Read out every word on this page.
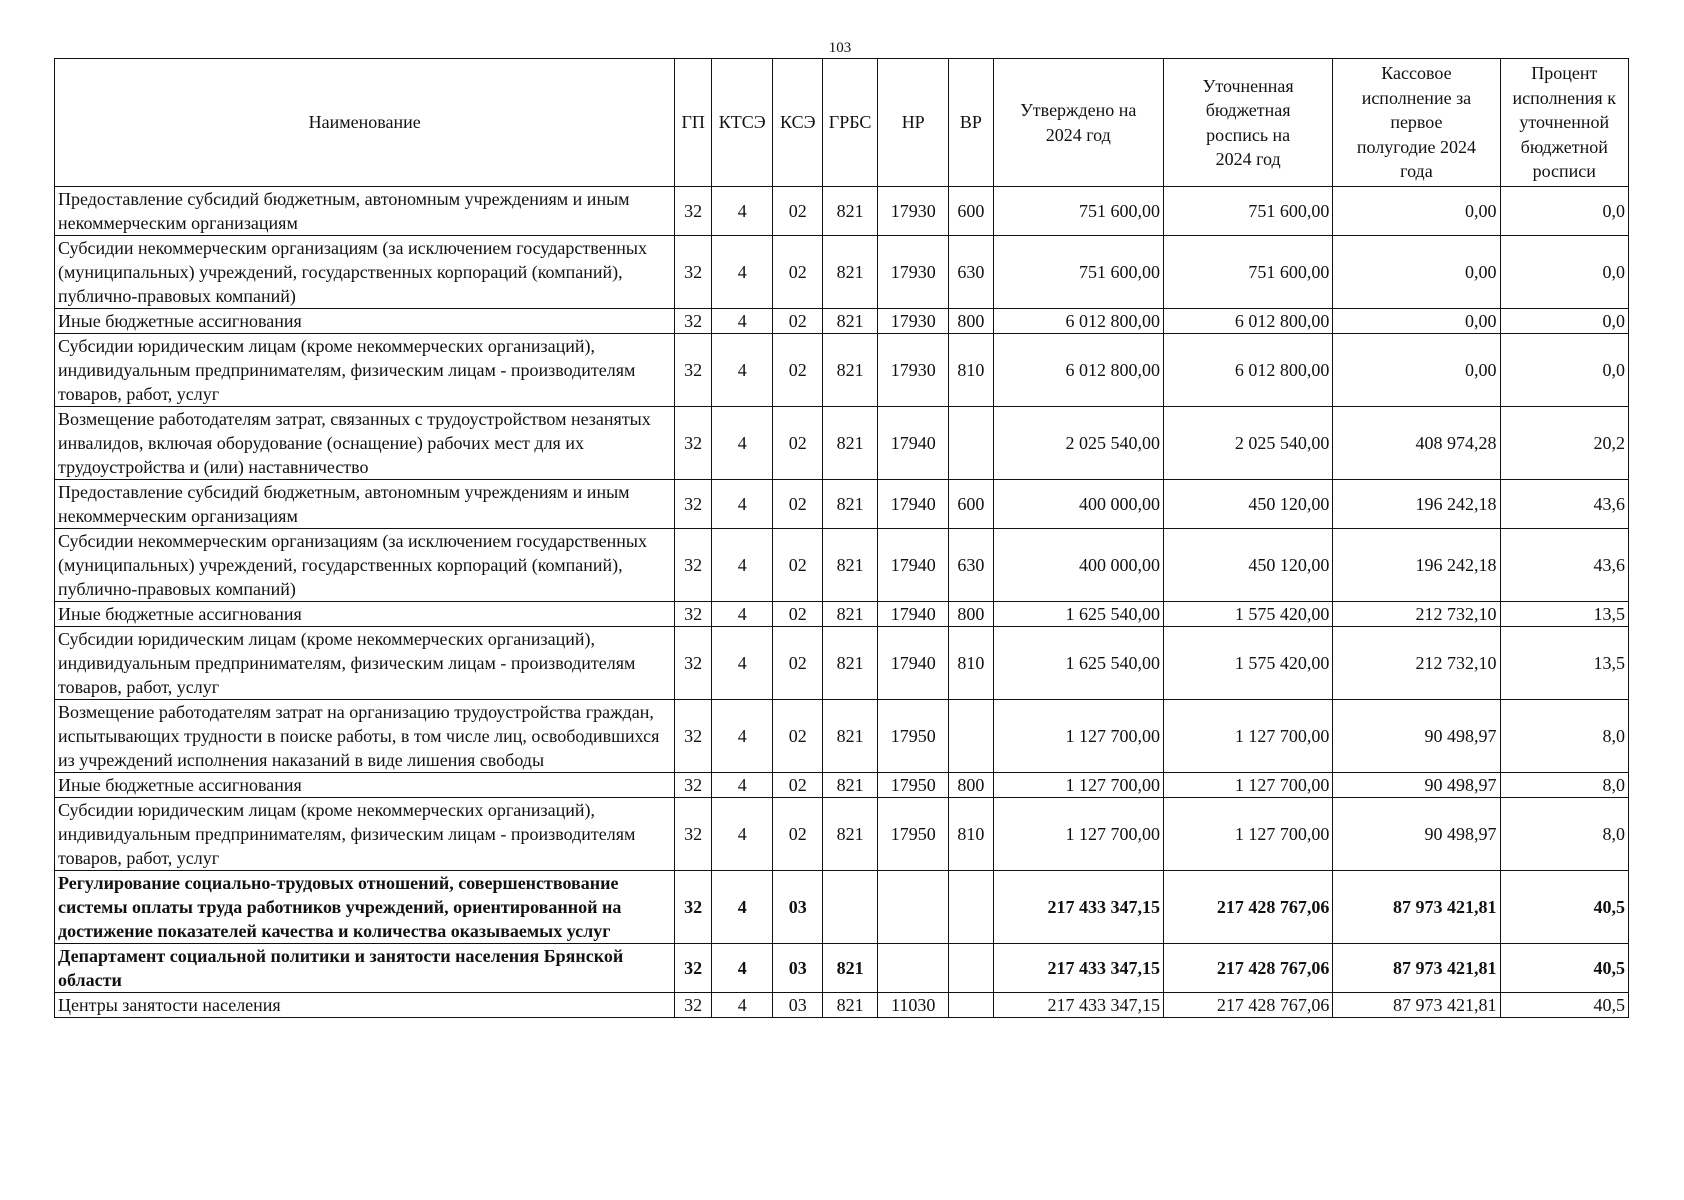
103
Наименование	ГП	КТСЭ	КСЭ	ГРБС	НР	ВР	Утверждено на 2024 год	Уточненная бюджетная роспись на 2024 год	Кассовое исполнение за первое полугодие 2024 года	Процент исполнения к уточненной бюджетной росписи
Предоставление субсидий бюджетным, автономным учреждениям и иным некоммерческим организациям	32	4	02	821	17930	600	751 600,00	751 600,00	0,00	0,0
Субсидии некоммерческим организациям (за исключением государственных (муниципальных) учреждений, государственных корпораций (компаний), публично-правовых компаний)	32	4	02	821	17930	630	751 600,00	751 600,00	0,00	0,0
Иные бюджетные ассигнования	32	4	02	821	17930	800	6 012 800,00	6 012 800,00	0,00	0,0
Субсидии юридическим лицам (кроме некоммерческих организаций), индивидуальным предпринимателям, физическим лицам - производителям товаров, работ, услуг	32	4	02	821	17930	810	6 012 800,00	6 012 800,00	0,00	0,0
Возмещение работодателям затрат, связанных с трудоустройством незанятых инвалидов, включая оборудование (оснащение) рабочих мест для их трудоустройства и (или) наставничество	32	4	02	821	17940		2 025 540,00	2 025 540,00	408 974,28	20,2
Предоставление субсидий бюджетным, автономным учреждениям и иным некоммерческим организациям	32	4	02	821	17940	600	400 000,00	450 120,00	196 242,18	43,6
Субсидии некоммерческим организациям (за исключением государственных (муниципальных) учреждений, государственных корпораций (компаний), публично-правовых компаний)	32	4	02	821	17940	630	400 000,00	450 120,00	196 242,18	43,6
Иные бюджетные ассигнования	32	4	02	821	17940	800	1 625 540,00	1 575 420,00	212 732,10	13,5
Субсидии юридическим лицам (кроме некоммерческих организаций), индивидуальным предпринимателям, физическим лицам - производителям товаров, работ, услуг	32	4	02	821	17940	810	1 625 540,00	1 575 420,00	212 732,10	13,5
Возмещение работодателям затрат на организацию трудоустройства граждан, испытывающих трудности в поиске работы, в том числе лиц, освободившихся из учреждений исполнения наказаний в виде лишения свободы	32	4	02	821	17950		1 127 700,00	1 127 700,00	90 498,97	8,0
Иные бюджетные ассигнования	32	4	02	821	17950	800	1 127 700,00	1 127 700,00	90 498,97	8,0
Субсидии юридическим лицам (кроме некоммерческих организаций), индивидуальным предпринимателям, физическим лицам - производителям товаров, работ, услуг	32	4	02	821	17950	810	1 127 700,00	1 127 700,00	90 498,97	8,0
Регулирование социально-трудовых отношений, совершенствование системы оплаты труда работников учреждений, ориентированной на достижение показателей качества и количества оказываемых услуг	32	4	03				217 433 347,15	217 428 767,06	87 973 421,81	40,5
Департамент социальной политики и занятости населения Брянской области	32	4	03	821			217 433 347,15	217 428 767,06	87 973 421,81	40,5
Центры занятости населения	32	4	03	821	11030		217 433 347,15	217 428 767,06	87 973 421,81	40,5
